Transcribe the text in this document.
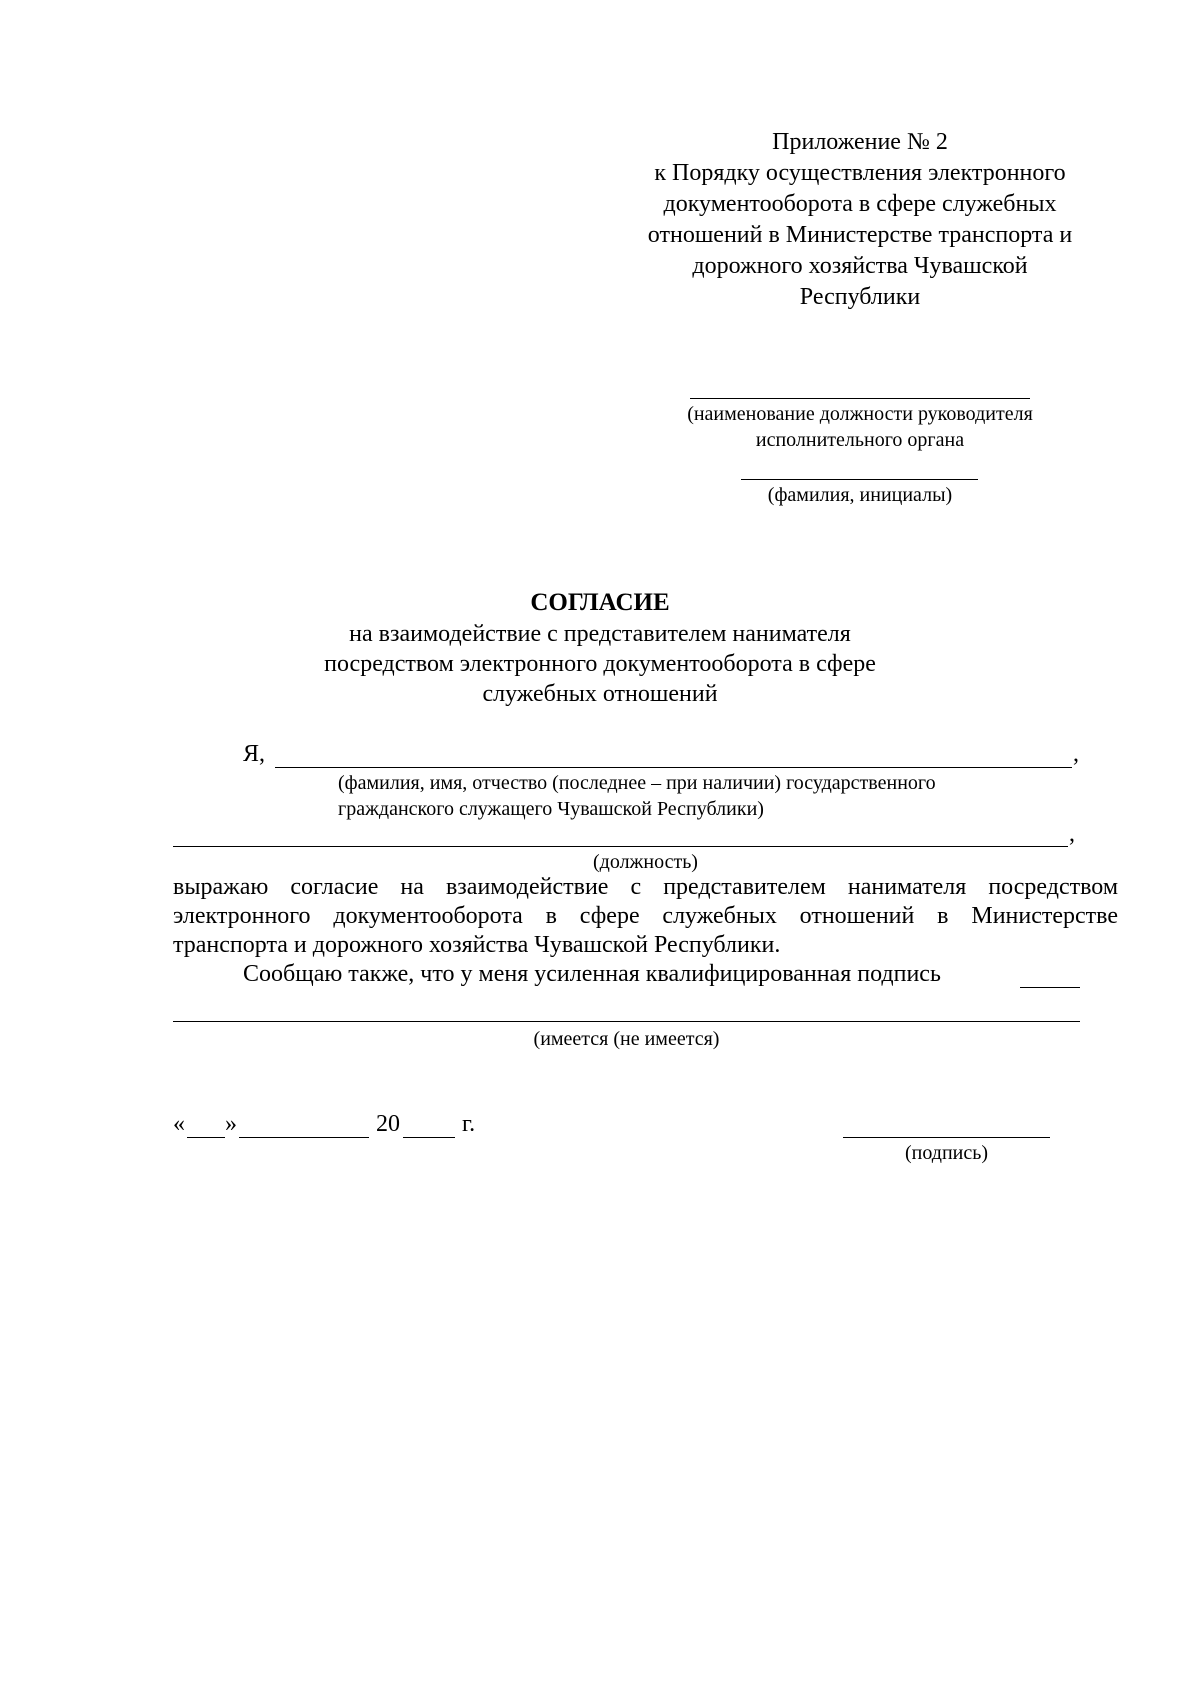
Приложение № 2
к Порядку осуществления электронного
документооборота в сфере служебных
отношений в Министерстве транспорта и
дорожного хозяйства Чувашской
Республики
(наименование должности руководителя
исполнительного органа
(фамилия, инициалы)
СОГЛАСИЕ
на взаимодействие с представителем нанимателя
посредством электронного документооборота в сфере
служебных отношений
Я,	,
(фамилия, имя, отчество (последнее – при наличии) государственного
гражданского служащего Чувашской Республики)
,
(должность)
выражаю согласие на взаимодействие с представителем нанимателя посредством
электронного документооборота в сфере служебных отношений в Министерстве
транспорта и дорожного хозяйства Чувашской Республики.
Сообщаю также, что у меня усиленная квалифицированная подпись
(имеется (не имеется)
« »	20	г.
(подпись)
